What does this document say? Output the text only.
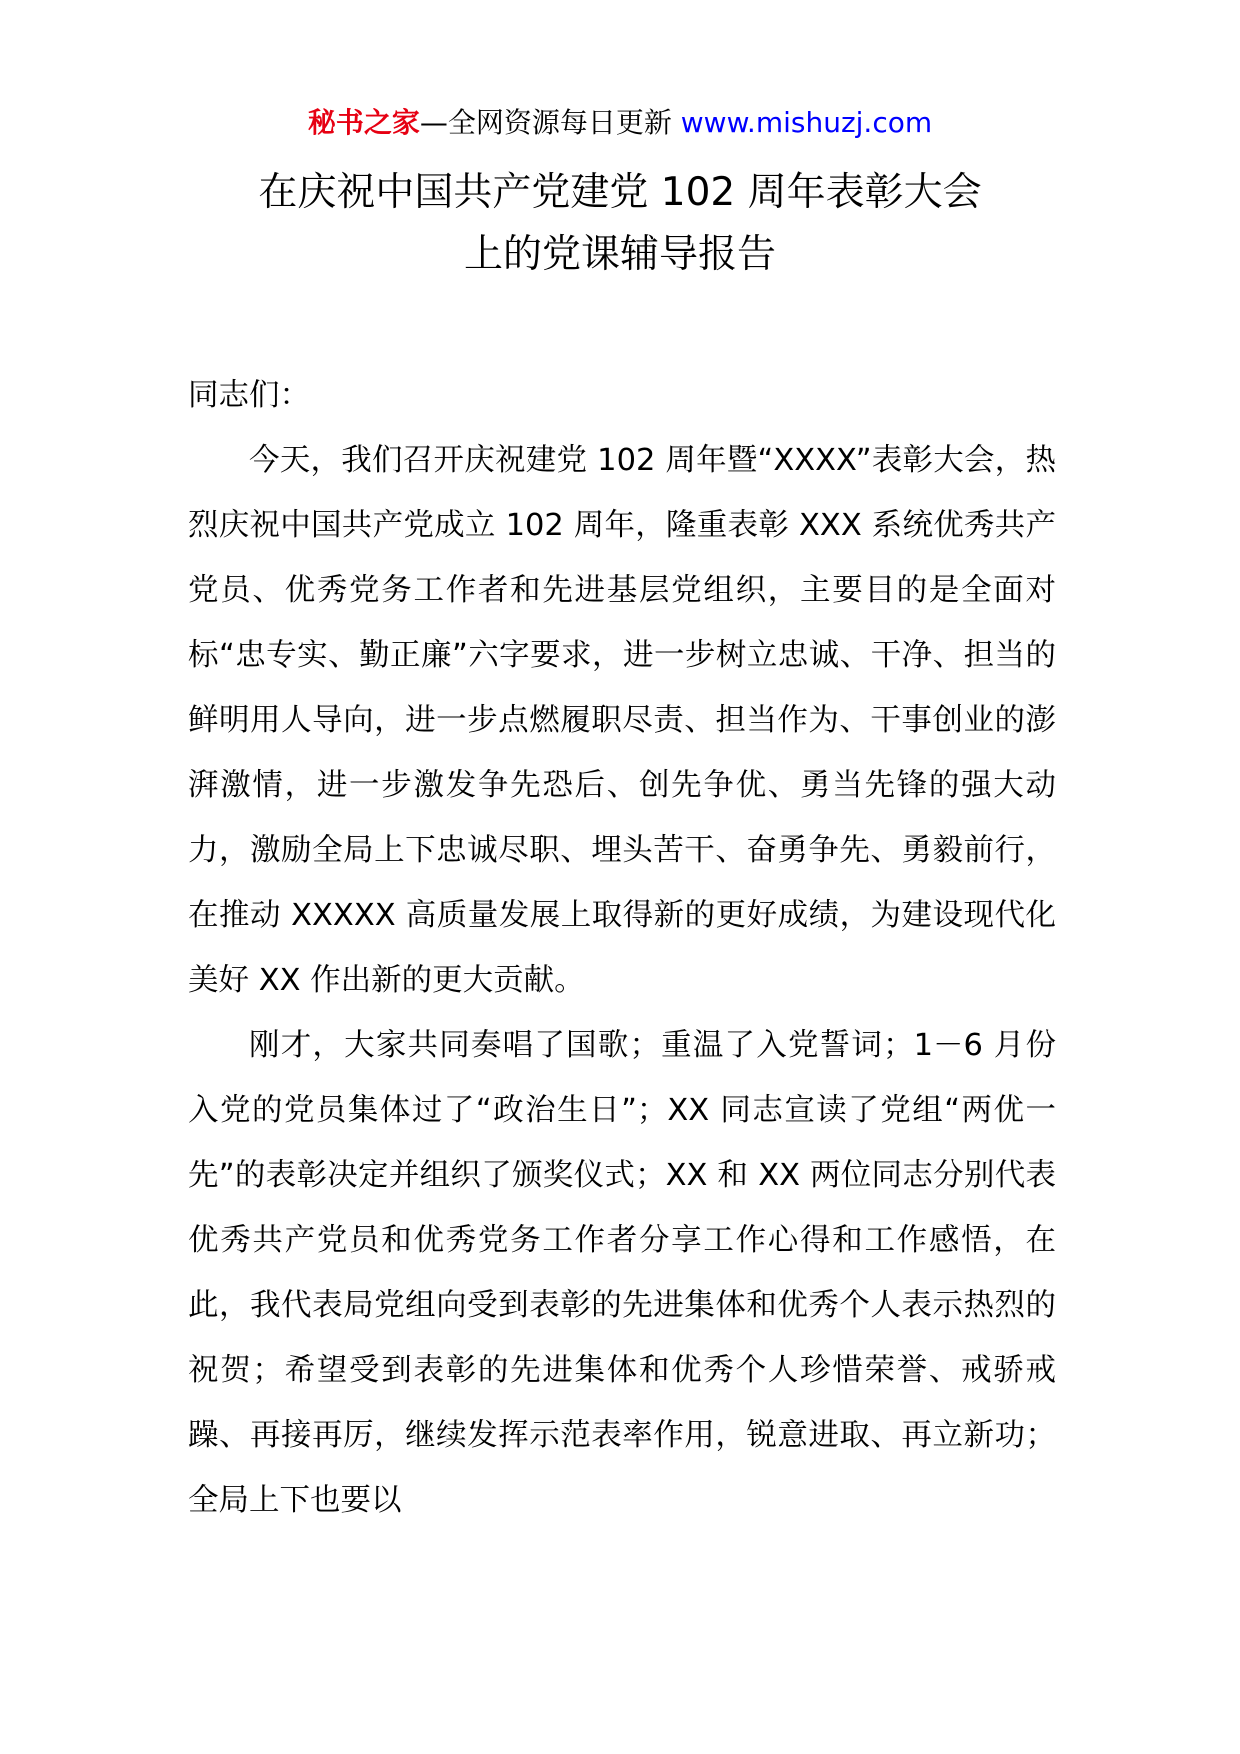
秘书之家—全网资源每日更新 www.mishuzj.com
在庆祝中国共产党建党 102 周年表彰大会
上的党课辅导报告

同志们：

今天，我们召开庆祝建党 102 周年暨“XXXX”表彰大会，热烈庆祝中国共产党成立 102 周年，隆重表彰 XXX 系统优秀共产党员、优秀党务工作者和先进基层党组织，主要目的是全面对标“忠专实、勤正廉”六字要求，进一步树立忠诚、干净、担当的鲜明用人导向，进一步点燃履职尽责、担当作为、干事创业的澎湃激情，进一步激发争先恐后、创先争优、勇当先锋的强大动力，激励全局上下忠诚尽职、埋头苦干、奋勇争先、勇毅前行，在推动 XXXXX 高质量发展上取得新的更好成绩，为建设现代化美好 XX 作出新的更大贡献。

刚才，大家共同奏唱了国歌；重温了入党誓词；1－6 月份入党的党员集体过了“政治生日”；XX 同志宣读了党组“两优一先”的表彰决定并组织了颁奖仪式；XX 和 XX 两位同志分别代表优秀共产党员和优秀党务工作者分享工作心得和工作感悟，在此，我代表局党组向受到表彰的先进集体和优秀个人表示热烈的祝贺；希望受到表彰的先进集体和优秀个人珍惜荣誉、戒骄戒躁、再接再厉，继续发挥示范表率作用，锐意进取、再立新功；全局上下也要以
